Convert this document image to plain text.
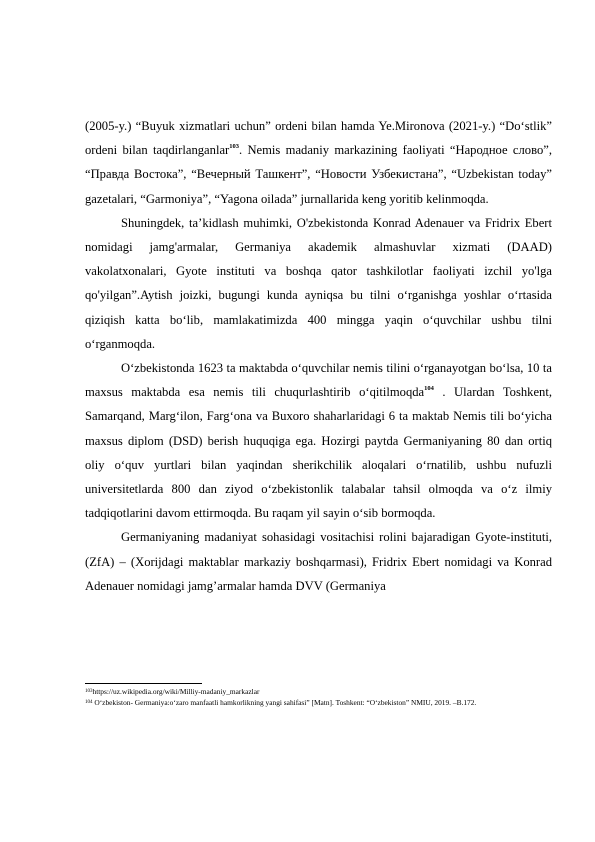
(2005-y.) “Buyuk xizmatlari uchun” ordeni bilan hamda Ye.Mironova (2021-y.) “Do‘stlik” ordeni bilan taqdirlanganlar$^{103}$. Nemis madaniy markazining faoliyati “Народное слово”, “Правда Востока”, “Вечерный Ташкент”, “Новости Узбекистана”, “Uzbekistan today” gazetalari, “Garmoniya”, “Yagona oilada” jurnallarida keng yoritib kelinmoqda.

Shuningdek, ta’kidlash muhimki, O'zbekistonda Konrad Adenauer va Fridrix Ebert nomidagi jamg'armalar, Germaniya akademik almashuvlar xizmati (DAAD) vakolatxonalari, Gyote instituti va boshqa qator tashkilotlar faoliyati izchil yo'lga qo'yilgan”.Aytish joizki, bugungi kunda ayniqsa bu tilni o‘rganishga yoshlar o‘rtasida qiziqish katta bo‘lib, mamlakatimizda 400 mingga yaqin o‘quvchilar ushbu tilni o‘rganmoqda.

O‘zbekistonda 1623 ta maktabda o‘quvchilar nemis tilini o‘rganayotgan bo‘lsa, 10 ta maxsus maktabda esa nemis tili chuqurlashtirib o‘qitilmoqda$^{104}$ . Ulardan Toshkent, Samarqand, Marg‘ilon, Farg‘ona va Buxoro shaharlaridagi 6 ta maktab Nemis tili bo‘yicha maxsus diplom (DSD) berish huquqiga ega. Hozirgi paytda Germaniyaning 80 dan ortiq oliy o‘quv yurtlari bilan yaqindan sherikchilik aloqalari o‘rnatilib, ushbu nufuzli universitetlarda 800 dan ziyod o‘zbekistonlik talabalar tahsil olmoqda va o‘z ilmiy tadqiqotlarini davom ettirmoqda. Bu raqam yil sayin o‘sib bormoqda.

Germaniyaning madaniyat sohasidagi vositachisi rolini bajaradigan Gyote-instituti, (ZfA) – (Xorijdagi maktablar markaziy boshqarmasi), Fridrix Ebert nomidagi va Konrad Adenauer nomidagi jamg’armalar hamda DVV (Germaniya

$^{103}$https://uz.wikipedia.org/wiki/Milliy-madaniy_markazlar

$^{104}$ O‘zbekiston- Germaniya:o‘zaro manfaatli hamkorlikning yangi sahifasi” [Matn]. Toshkent: “O‘zbekiston” NMIU, 2019. –B.172.
